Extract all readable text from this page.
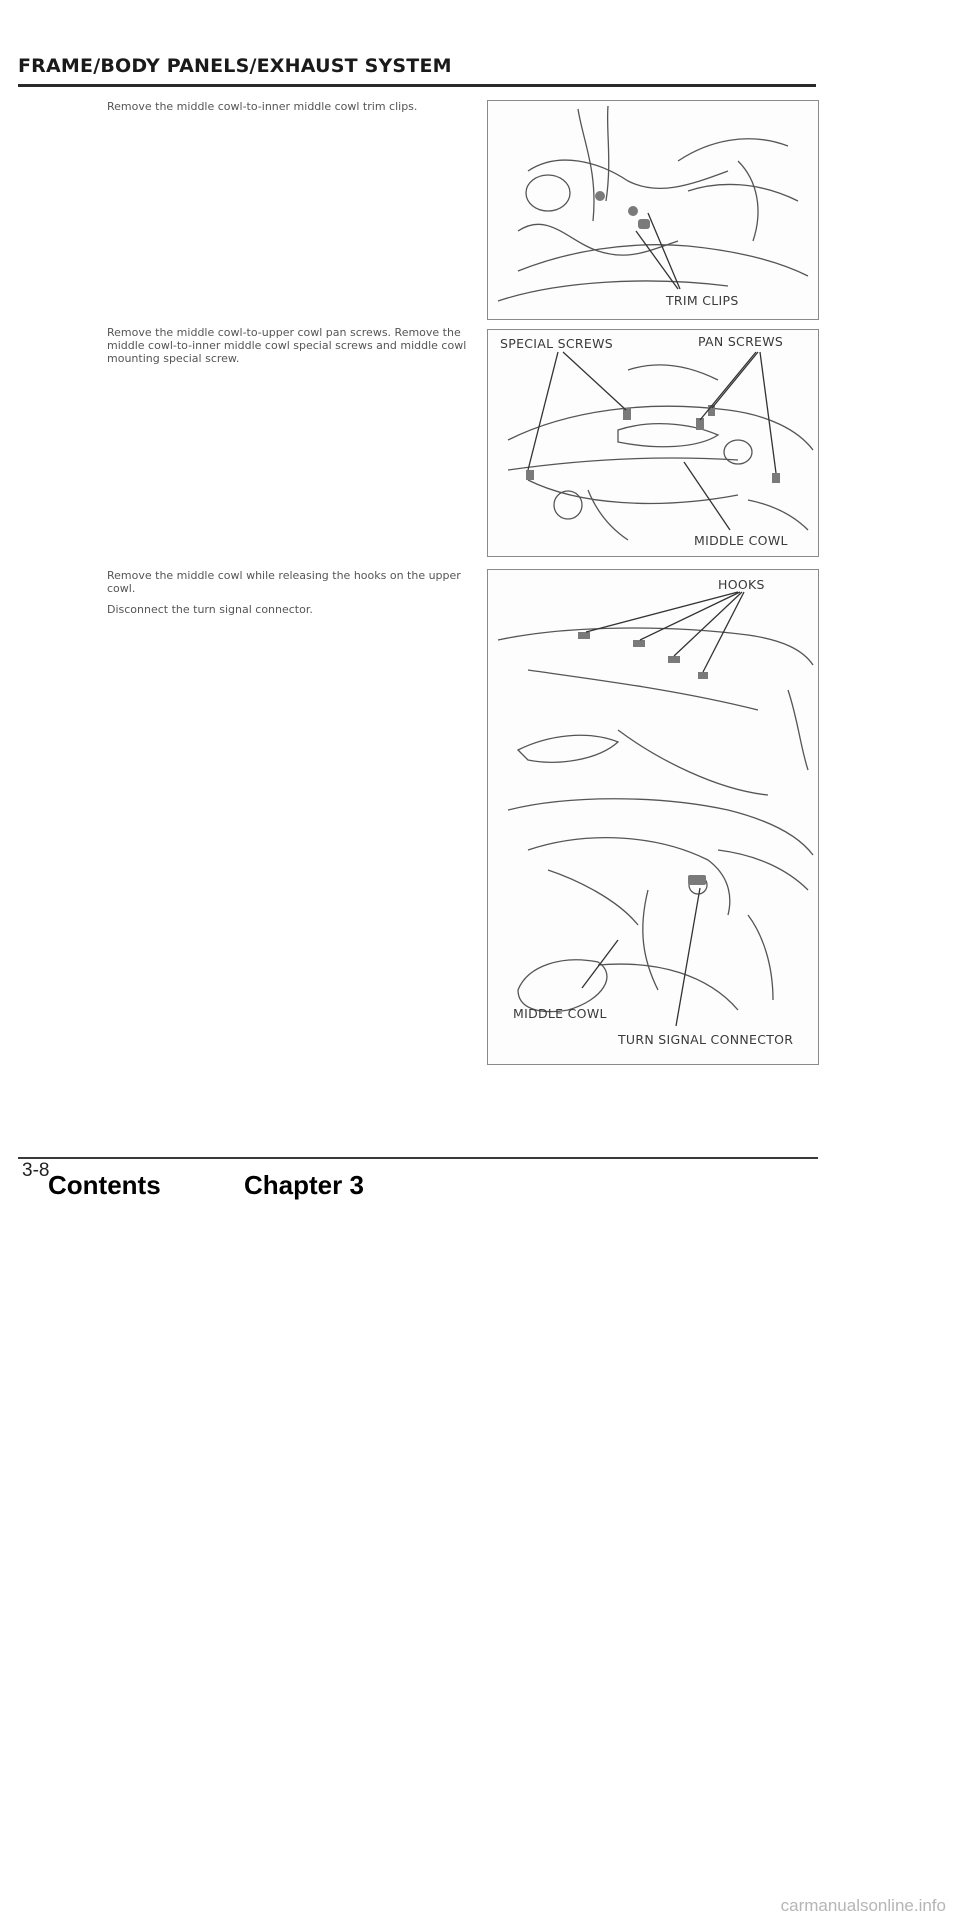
FRAME/BODY PANELS/EXHAUST SYSTEM

Remove the middle cowl-to-inner middle cowl trim clips.

TRIM CLIPS

Remove the middle cowl-to-upper cowl pan screws. Remove the middle cowl-to-inner middle cowl special screws and middle cowl mounting special screw.

SPECIAL SCREWS	PAN SCREWS
MIDDLE COWL

Remove the middle cowl while releasing the hooks on the upper cowl.

Disconnect the turn signal connector.

HOOKS
MIDDLE COWL
TURN SIGNAL CONNECTOR
3-8
Contents	Chapter 3
carmanualsonline.info
